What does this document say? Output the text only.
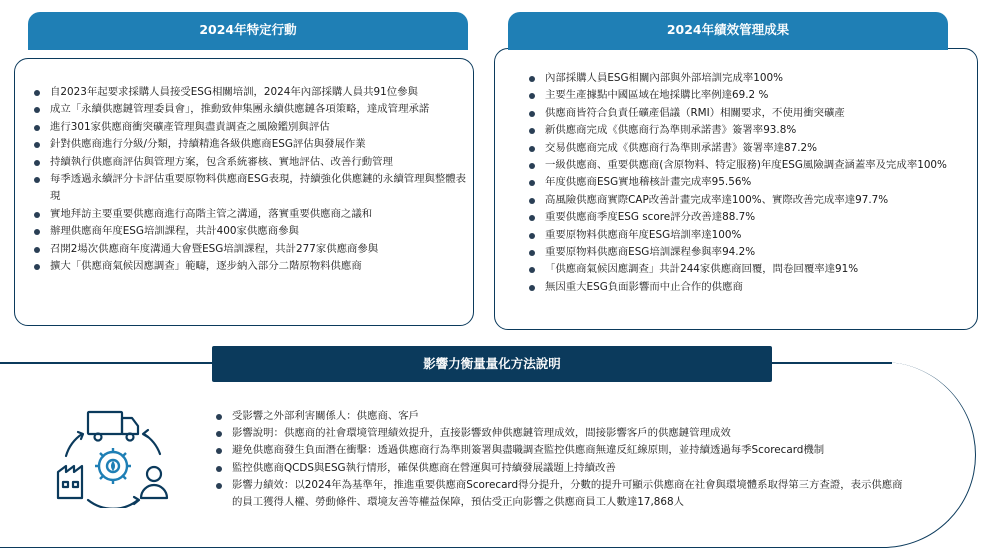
2024年特定行動
自2023年起要求採購人員接受ESG相關培訓，2024年內部採購人員共91位參與
成立「永續供應鏈管理委員會」，推動致伸集團永續供應鏈各項策略，達成管理承諾
進行301家供應商衝突礦產管理與盡責調查之風險鑑別與評估
針對供應商進行分級/分類，持續精進各級供應商ESG評估與發展作業
持續執行供應商評估與管理方案，包含系統審核、實地評估、改善行動管理
每季透過永續評分卡評估重要原物料供應商ESG表現，持續強化供應鏈的永續管理與整體表現
實地拜訪主要重要供應商進行高階主管之溝通，落實重要供應商之議和
辦理供應商年度ESG培訓課程，共計400家供應商參與
召開2場次供應商年度溝通大會暨ESG培訓課程，共計277家供應商參與
擴大「供應商氣候因應調查」範疇，逐步納入部分二階原物料供應商
2024年績效管理成果
內部採購人員ESG相關內部與外部培訓完成率100%
主要生產據點中國區域在地採購比率例達69.2 %
供應商皆符合負責任礦產倡議（RMI）相關要求，不使用衝突礦產
新供應商完成《供應商行為準則承諾書》簽署率93.8%
交易供應商完成《供應商行為準則承諾書》簽署率達87.2%
一級供應商、重要供應商(含原物料、特定服務)年度ESG風險調查涵蓋率及完成率100%
年度供應商ESG實地稽核計畫完成率95.56%
高風險供應商實際CAP改善計畫完成率達100%、實際改善完成率達97.7%
重要供應商季度ESG score評分改善達88.7%
重要原物料供應商年度ESG培訓率達100%
重要原物料供應商ESG培訓課程參與率94.2%
「供應商氣候因應調查」共計244家供應商回覆，問卷回覆率達91%
無因重大ESG負面影響而中止合作的供應商
影響力衡量量化方法說明
受影響之外部利害關係人：供應商、客戶
影響說明：供應商的社會環境管理績效提升，直接影響致伸供應鏈管理成效，間接影響客戶的供應鏈管理成效
避免供應商發生負面潛在衝擊：透過供應商行為準則簽署與盡職調查監控供應商無違反紅線原則，並持續透過每季Scorecard機制
監控供應商QCDS與ESG執行情形，確保供應商在營運與可持續發展議題上持續改善
影響力績效：以2024年為基準年，推進重要供應商Scorecard得分提升，分數的提升可顯示供應商在社會與環境體系取得第三方查證，表示供應商的員工獲得人權、勞動條件、環境友善等權益保障，預估受正向影響之供應商員工人數達17,868人
